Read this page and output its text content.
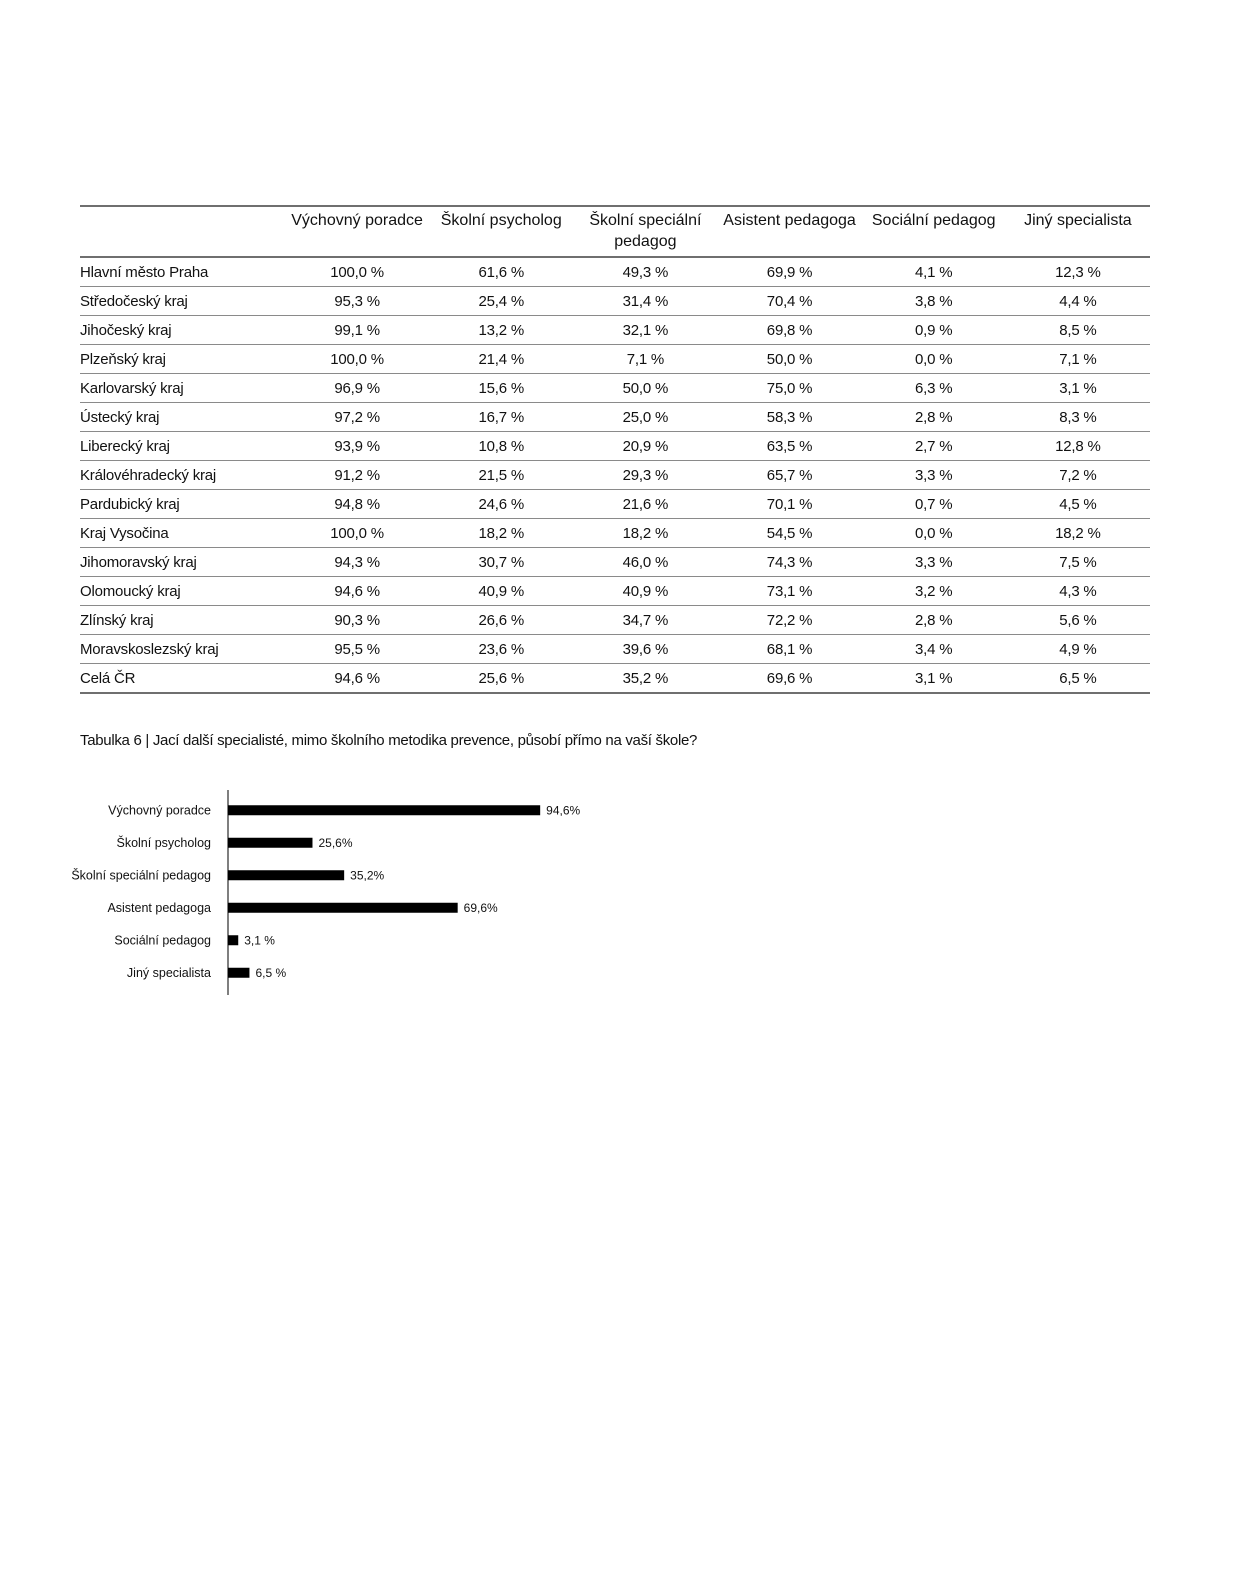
	Výchovný poradce	Školní psycholog	Školní speciální pedagog	Asistent pedagoga	Sociální pedagog	Jiný specialista
Hlavní město Praha	100,0 %	61,6 %	49,3 %	69,9 %	4,1 %	12,3 %
Středočeský kraj	95,3 %	25,4 %	31,4 %	70,4 %	3,8 %	4,4 %
Jihočeský kraj	99,1 %	13,2 %	32,1 %	69,8 %	0,9 %	8,5 %
Plzeňský kraj	100,0 %	21,4 %	7,1 %	50,0 %	0,0 %	7,1 %
Karlovarský kraj	96,9 %	15,6 %	50,0 %	75,0 %	6,3 %	3,1 %
Ústecký kraj	97,2 %	16,7 %	25,0 %	58,3 %	2,8 %	8,3 %
Liberecký kraj	93,9 %	10,8 %	20,9 %	63,5 %	2,7 %	12,8 %
Královéhradecký kraj	91,2 %	21,5 %	29,3 %	65,7 %	3,3 %	7,2 %
Pardubický kraj	94,8 %	24,6 %	21,6 %	70,1 %	0,7 %	4,5 %
Kraj Vysočina	100,0 %	18,2 %	18,2 %	54,5 %	0,0 %	18,2 %
Jihomoravský kraj	94,3 %	30,7 %	46,0 %	74,3 %	3,3 %	7,5 %
Olomoucký kraj	94,6 %	40,9 %	40,9 %	73,1 %	3,2 %	4,3 %
Zlínský kraj	90,3 %	26,6 %	34,7 %	72,2 %	2,8 %	5,6 %
Moravskoslezský kraj	95,5 %	23,6 %	39,6 %	68,1 %	3,4 %	4,9 %
Celá ČR	94,6 %	25,6 %	35,2 %	69,6 %	3,1 %	6,5 %
Tabulka 6 | Jací další specialisté, mimo školního metodika prevence, působí přímo na vaší škole?
Výchovný poradce	94,6%
Školní psycholog	25,6%
Školní speciální pedagog	35,2%
Asistent pedagoga	69,6%
Sociální pedagog	3,1 %
Jiný specialista	6,5 %
